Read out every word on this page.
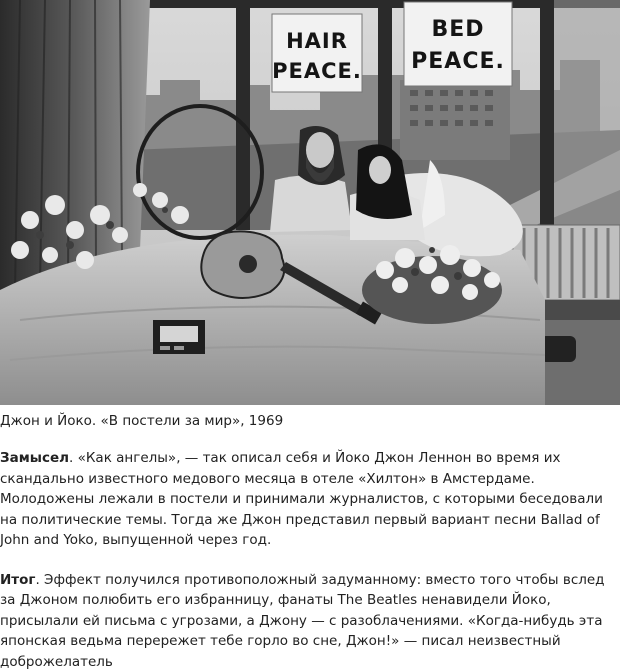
HAIR
PEACE.
BED
PEACE.

Джон и Йоко. «В постели за мир», 1969

Замысел. «Как ангелы», — так описал себя и Йоко Джон Леннон во время их скандально известного медового месяца в отеле «Хилтон» в Амстердаме. Молодожены лежали в постели и принимали журналистов, с которыми беседовали на политические темы. Тогда же Джон представил первый вариант песни Ballad of John and Yoko, выпущенной через год.

Итог. Эффект получился противоположный задуманному: вместо того чтобы вслед за Джоном полюбить его избранницу, фанаты The Beatles ненавидели Йоко, присылали ей письма с угрозами, а Джону — с разоблачениями. «Когда-нибудь эта японская ведьма перережет тебе горло во сне, Джон!» — писал неизвестный доброжелатель
